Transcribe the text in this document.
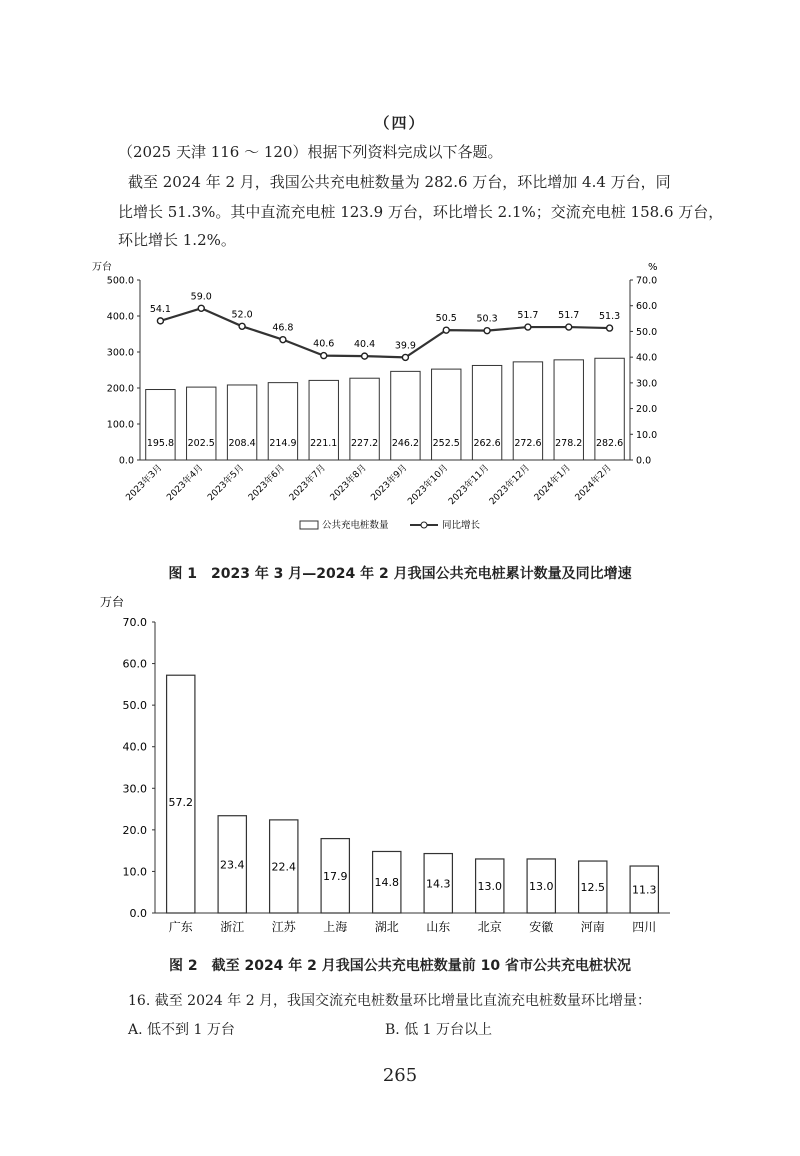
（四）
（2025 天津 116 ～ 120）根据下列资料完成以下各题。
截至 2024 年 2 月，我国公共充电桩数量为 282.6 万台，环比增加 4.4 万台，同
比增长 51.3%。其中直流充电桩 123.9 万台，环比增长 2.1%；交流充电桩 158.6 万台，
环比增长 1.2%。
万台	%
0.0
100.0
200.0
300.0
400.0
500.0
0.0
10.0
20.0
30.0
40.0
50.0
60.0
70.0
195.8
2023年3月
202.5
2023年4月
208.4
2023年5月
214.9
2023年6月
221.1
2023年7月
227.2
2023年8月
246.2
2023年9月
252.5
2023年10月
262.6
2023年11月
272.6
2023年12月
278.2
2024年1月
282.6
2024年2月
54.1
59.0
52.0
46.8
40.6 40.4 39.9
50.5 50.3 51.7 51.7 51.3
公共充电桩数量	同比增长
图 1　2023 年 3 月—2024 年 2 月我国公共充电桩累计数量及同比增速
万台
0.0
10.0
20.0
30.0
40.0
50.0
60.0
70.0
57.2
广东
23.4
浙江
22.4
江苏
17.9
上海
14.8
湖北
14.3
山东
13.0
北京
13.0
安徽
12.5
河南
11.3
四川
图 2　截至 2024 年 2 月我国公共充电桩数量前 10 省市公共充电桩状况
16. 截至 2024 年 2 月，我国交流充电桩数量环比增量比直流充电桩数量环比增量：
A. 低不到 1 万台	B. 低 1 万台以上
265
